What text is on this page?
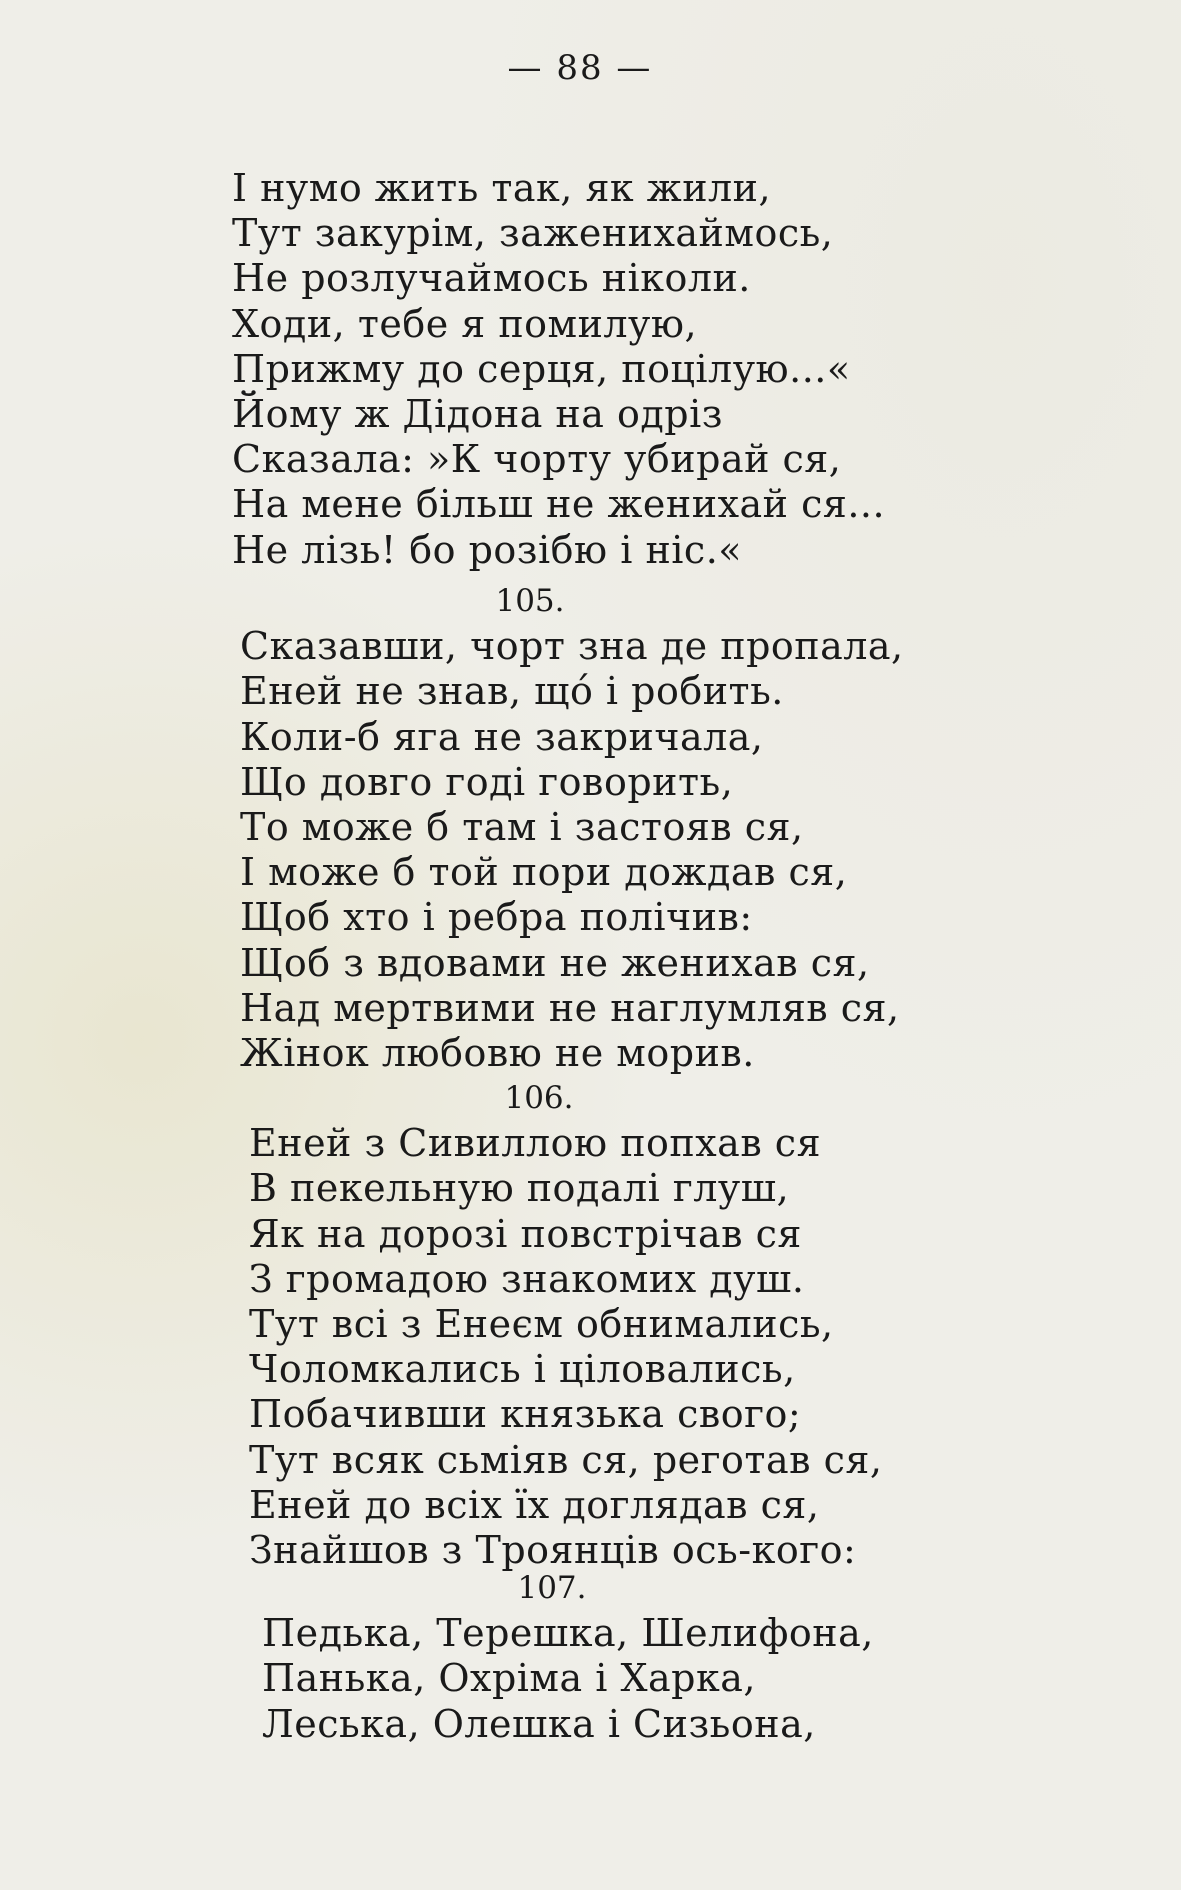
— 88 —
І нумо жить так, як жили,
Тут закурім, заженихаймось,
Не розлучаймось ніколи.
Ходи, тебе я помилую,
Прижму до серця, поцілую...«
Йому ж Дідона на одріз
Сказала: »К чорту убирай ся,
На мене більш не женихай ся...
Не лізь! бо розібю і ніс.«
105.
Сказавши, чорт зна де пропала,
Еней не знав, щó і робить.
Коли-б яга не закричала,
Що довго годі говорить,
То може б там і застояв ся,
І може б той пори дождав ся,
Щоб хто і ребра полічив:
Щоб з вдовами не женихав ся,
Над мертвими не наглумляв ся,
Жінок любовю не морив.
106.
Еней з Сивиллою попхав ся
В пекельную подалі глуш,
Як на дорозі повстрічав ся
З громадою знакомих душ.
Тут всі з Енеєм обнимались,
Чоломкались і ціловались,
Побачивши князька свого;
Тут всяк сьміяв ся, реготав ся,
Еней до всіх їх доглядав ся,
Знайшов з Троянців ось-кого:
107.
Педька, Терешка, Шелифона,
Панька, Охріма і Харка,
Леська, Олешка і Сизьона,
